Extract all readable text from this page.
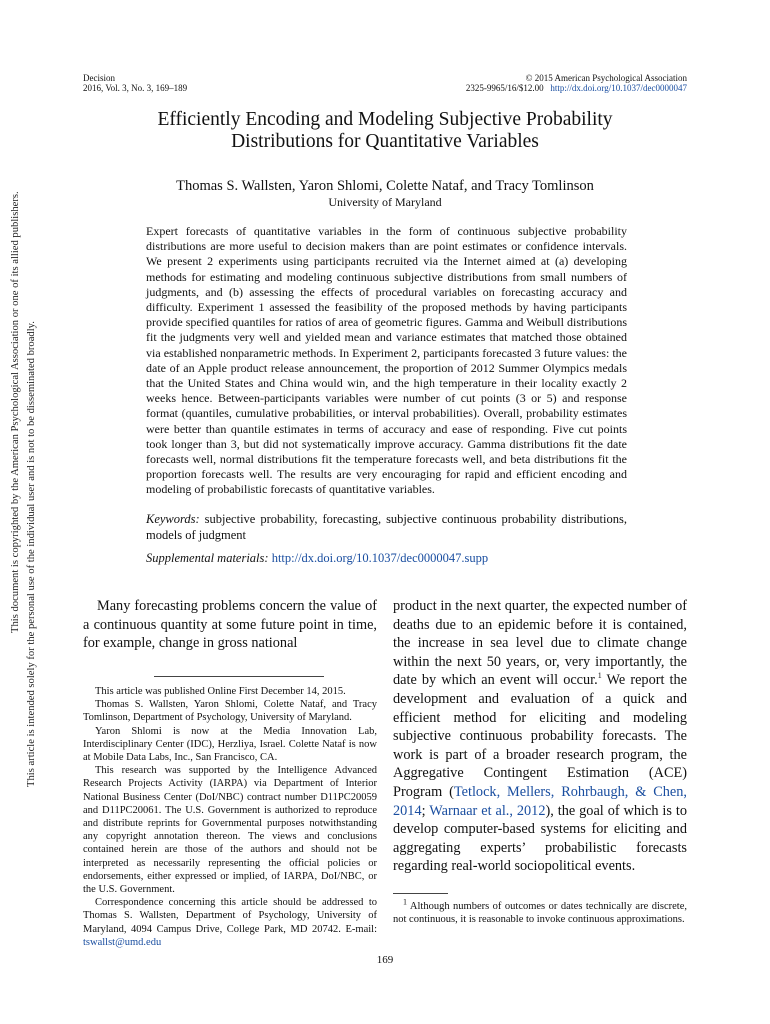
This document is copyrighted by the American Psychological Association or one of its allied publishers. This article is intended solely for the personal use of the individual user and is not to be disseminated broadly.
Decision
2016, Vol. 3, No. 3, 169–189
© 2015 American Psychological Association
2325-9965/16/$12.00 http://dx.doi.org/10.1037/dec0000047
Efficiently Encoding and Modeling Subjective Probability
Distributions for Quantitative Variables
Thomas S. Wallsten, Yaron Shlomi, Colette Nataf, and Tracy Tomlinson
University of Maryland
Expert forecasts of quantitative variables in the form of continuous subjective probability distributions are more useful to decision makers than are point estimates or confidence intervals. We present 2 experiments using participants recruited via the Internet aimed at (a) developing methods for estimating and modeling continuous subjective distributions from small numbers of judgments, and (b) assessing the effects of procedural variables on forecasting accuracy and difficulty. Experiment 1 assessed the feasibility of the proposed methods by having participants provide specified quantiles for ratios of area of geometric figures. Gamma and Weibull distributions fit the judgments very well and yielded mean and variance estimates that matched those obtained via established nonparametric methods. In Experiment 2, participants forecasted 3 future values: the date of an Apple product release announcement, the proportion of 2012 Summer Olympics medals that the United States and China would win, and the high temperature in their locality exactly 2 weeks hence. Between-participants variables were number of cut points (3 or 5) and response format (quantiles, cumulative probabilities, or interval probabilities). Overall, probability estimates were better than quantile estimates in terms of accuracy and ease of responding. Five cut points took longer than 3, but did not systematically improve accuracy. Gamma distributions fit the date forecasts well, normal distributions fit the temperature forecasts well, and beta distributions fit the proportion forecasts well. The results are very encouraging for rapid and efficient encoding and modeling of probabilistic forecasts of quantitative variables.
Keywords: subjective probability, forecasting, subjective continuous probability distributions, models of judgment
Supplemental materials: http://dx.doi.org/10.1037/dec0000047.supp
Many forecasting problems concern the value of a continuous quantity at some future point in time, for example, change in gross national
product in the next quarter, the expected number of deaths due to an epidemic before it is contained, the increase in sea level due to climate change within the next 50 years, or, very importantly, the date by which an event will occur.$^1$ We report the development and evaluation of a quick and efficient method for eliciting and modeling subjective continuous probability forecasts. The work is part of a broader research program, the Aggregative Contingent Estimation (ACE) Program (Tetlock, Mellers, Rohrbaugh, & Chen, 2014; Warnaar et al., 2012), the goal of which is to develop computer-based systems for eliciting and aggregating experts’ probabilistic forecasts regarding real-world sociopolitical events.

This article was published Online First December 14, 2015.

Thomas S. Wallsten, Yaron Shlomi, Colette Nataf, and Tracy Tomlinson, Department of Psychology, University of Maryland.

Yaron Shlomi is now at the Media Innovation Lab, Interdisciplinary Center (IDC), Herzliya, Israel. Colette Nataf is now at Mobile Data Labs, Inc., San Francisco, CA.

This research was supported by the Intelligence Advanced Research Projects Activity (IARPA) via Department of Interior National Business Center (DoI/NBC) contract number D11PC20059 and D11PC20061. The U.S. Government is authorized to reproduce and distribute reprints for Governmental purposes notwithstanding any copyright annotation thereon. The views and conclusions contained herein are those of the authors and should not be interpreted as necessarily representing the official policies or endorsements, either expressed or implied, of IARPA, DoI/NBC, or the U.S. Government.

Correspondence concerning this article should be addressed to Thomas S. Wallsten, Department of Psychology, University of Maryland, 4094 Campus Drive, College Park, MD 20742. E-mail: tswallst@umd.edu

$^1$ Although numbers of outcomes or dates technically are discrete, not continuous, it is reasonable to invoke continuous approximations.
169
